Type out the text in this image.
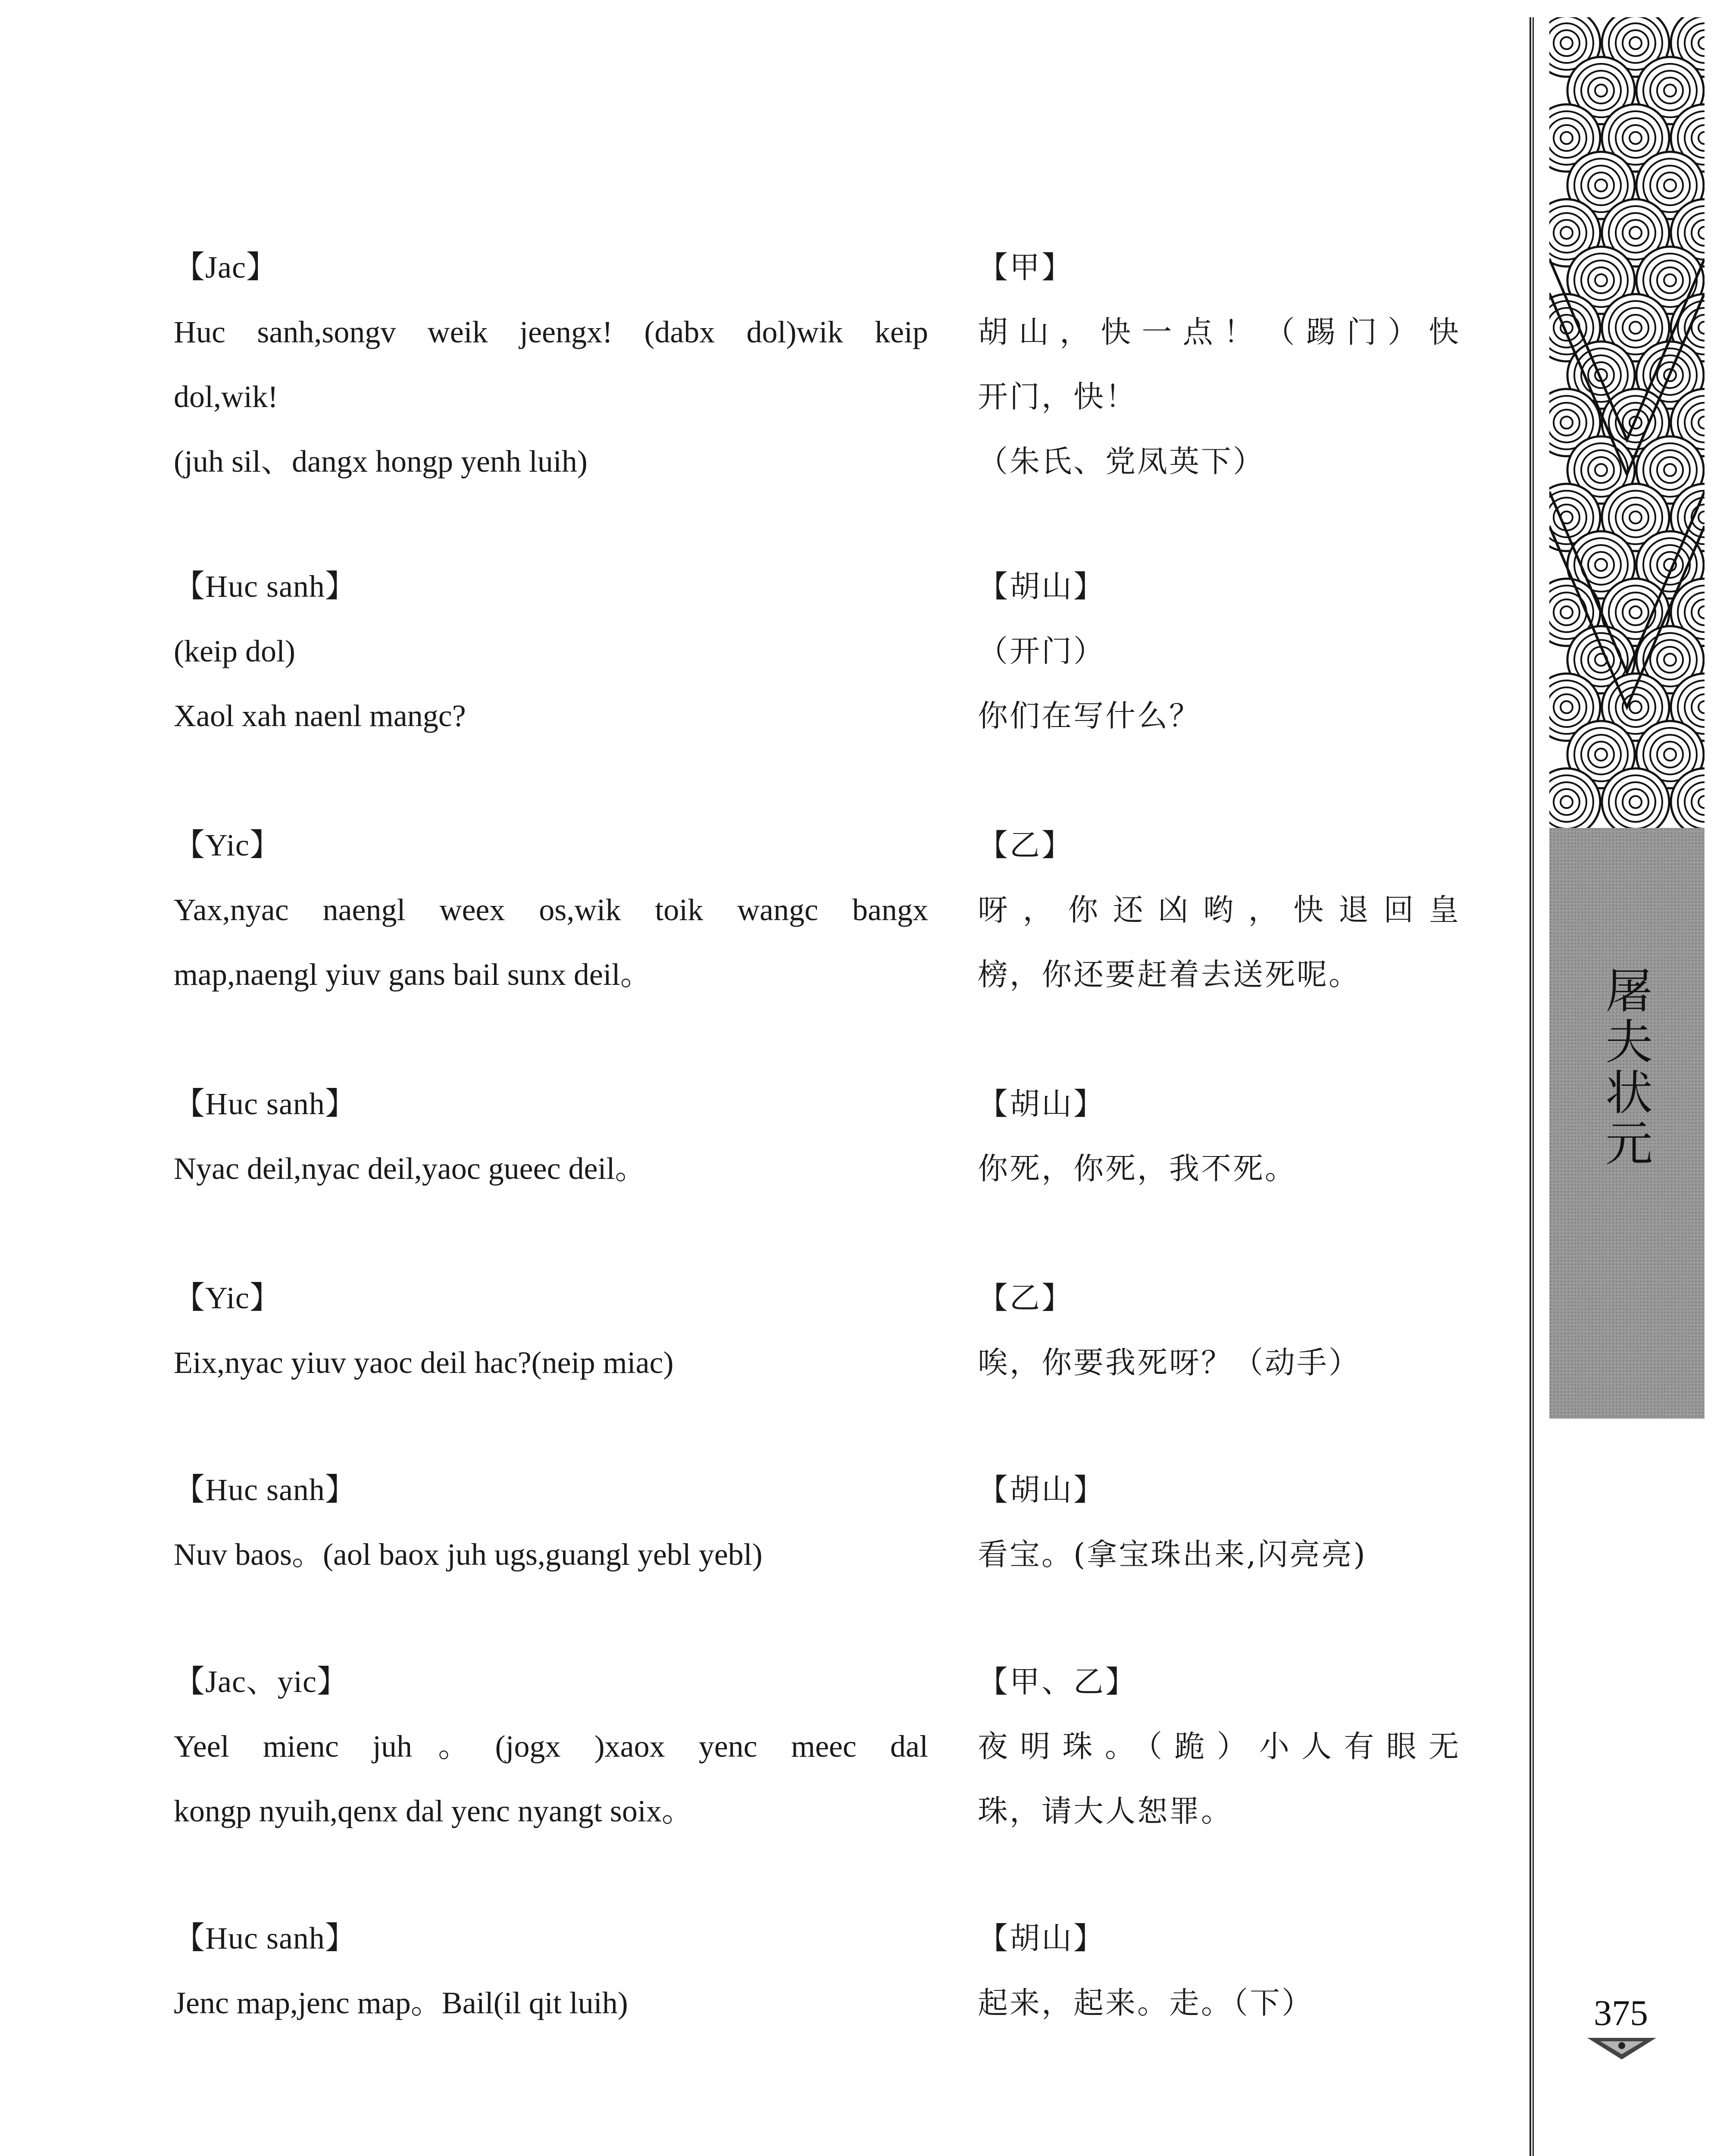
【Jac】
Huc sanh,songv weik jeengx! (dabx dol)wik keip
dol,wik!
(juh sil、dangx hongp yenh luih)
【甲】
胡山，快一点！（踢门）快
开门，快！
（朱氏、党凤英下）
【Huc sanh】
(keip dol)
Xaol xah naenl mangc?
【胡山】
（开门）
你们在写什么？
【Yic】
Yax,nyac naengl weex os,wik toik wangc bangx
map,naengl yiuv gans bail sunx deil。
【乙】
呀，你还凶哟，快退回皇
榜，你还要赶着去送死呢。
【Huc sanh】
Nyac deil,nyac deil,yaoc gueec deil。
【胡山】
你死，你死，我不死。
【Yic】
Eix,nyac yiuv yaoc deil hac?(neip miac)
【乙】
唉，你要我死呀？（动手）
【Huc sanh】
Nuv baos。(aol baox juh ugs,guangl yebl yebl)
【胡山】
看宝。(拿宝珠出来,闪亮亮)
【Jac、yic】
Yeel mienc juh。(jogx )xaox yenc meec dal
kongp nyuih,qenx dal yenc nyangt soix。
【甲、乙】
夜明珠。（跪）小人有眼无
珠，请大人恕罪。
【Huc sanh】
Jenc map,jenc map。Bail(il qit luih)
【胡山】
起来，起来。走。（下）
屠夫状元
375
